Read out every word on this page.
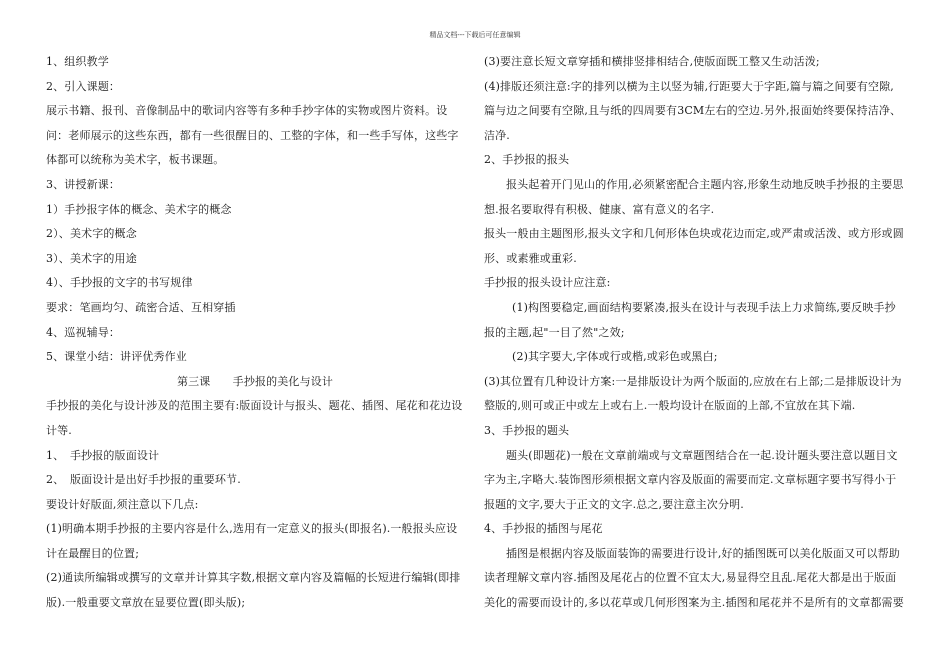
精品文档---下载后可任意编辑

1、组织教学

2、引入课题：

展示书籍、报刊、音像制品中的歌词内容等有多种手抄字体的实物或图片资料。设问：老师展示的这些东西，都有一些很醒目的、工整的字体，和一些手写体，这些字体都可以统称为美术字，板书课题。

3、讲授新课：

1）手抄报字体的概念、美术字的概念

2）、美术字的概念

3）、美术字的用途

4）、手抄报的文字的书写规律

要求：笔画均匀、疏密合适、互相穿插

4、巡视辅导：

5、课堂小结：讲评优秀作业

第三课　　手抄报的美化与设计

手抄报的美化与设计涉及的范围主要有:版面设计与报头、题花、插图、尾花和花边设计等.

1、　手抄报的版面设计

2、　版面设计是出好手抄报的重要环节.

要设计好版面,须注意以下几点:

(1)明确本期手抄报的主要内容是什么,选用有一定意义的报头(即报名).一般报头应设计在最醒目的位置;

(2)通读所编辑或撰写的文章并计算其字数,根据文章内容及篇幅的长短进行编辑(即排版).一般重要文章放在显要位置(即头版);

(3)要注意长短文章穿插和横排竖排相结合,使版面既工整又生动活泼;

(4)排版还须注意:字的排列以横为主以竖为辅,行距要大于字距,篇与篇之间要有空隙,篇与边之间要有空隙,且与纸的四周要有3CM左右的空边.另外,报面始终要保持洁净、洁净.

2、手抄报的报头

报头起着开门见山的作用,必须紧密配合主题内容,形象生动地反映手抄报的主要思想.报名要取得有积极、健康、富有意义的名字.

报头一般由主题图形,报头文字和几何形体色块或花边而定,或严肃或活泼、或方形或圆形、或素雅或重彩.

手抄报的报头设计应注意:

(1)构图要稳定,画面结构要紧凑,报头在设计与表现手法上力求简练,要反映手抄报的主题,起"一目了然"之效;

(2)其字要大,字体或行或楷,或彩色或黑白;

(3)其位置有几种设计方案:一是排版设计为两个版面的,应放在右上部;二是排版设计为整版的,则可或正中或左上或右上.一般均设计在版面的上部,不宜放在其下端.

3、手抄报的题头

题头(即题花)一般在文章前端或与文章题图结合在一起.设计题头要注意以题目文字为主,字略大.装饰图形须根据文章内容及版面的需要而定.文章标题字要书写得小于报题的文字,要大于正文的文字.总之,要注意主次分明.

4、手抄报的插图与尾花

插图是根据内容及版面装饰的需要进行设计,好的插图既可以美化版面又可以帮助读者理解文章内容.插图及尾花占的位置不宜太大,易显得空且乱.尾花大都是出于版面美化的需要而设计的,多以花草或几何形图案为主.插图和尾花并不是所有的文章都需要
